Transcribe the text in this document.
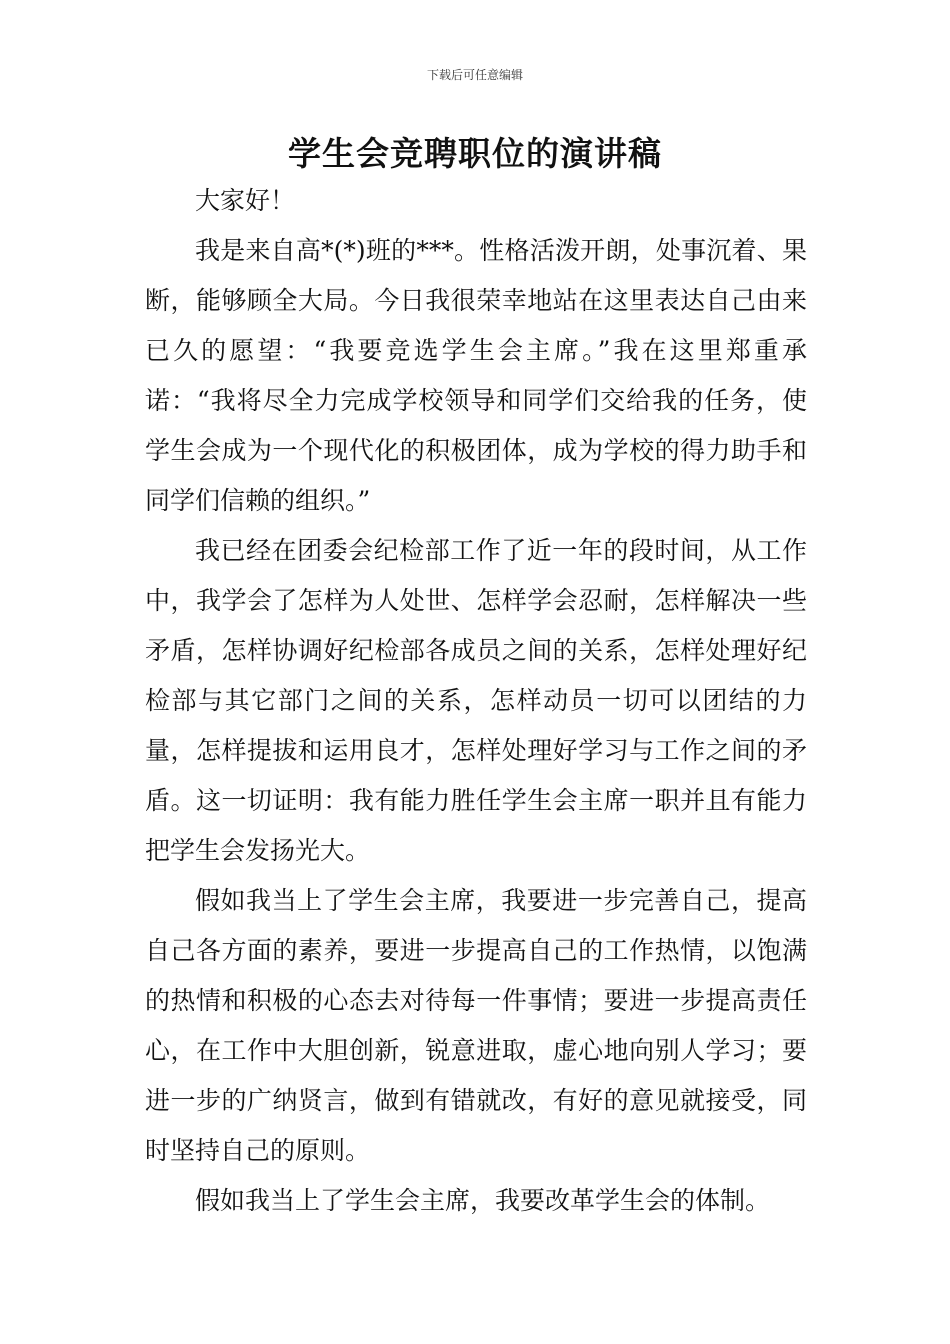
下载后可任意编辑
学生会竞聘职位的演讲稿

大家好！

我是来自高*(*)班的***。性格活泼开朗，处事沉着、果断，能够顾全大局。今日我很荣幸地站在这里表达自己由来已久的愿望：“我要竞选学生会主席。”我在这里郑重承诺：“我将尽全力完成学校领导和同学们交给我的任务，使学生会成为一个现代化的积极团体，成为学校的得力助手和同学们信赖的组织。”

我已经在团委会纪检部工作了近一年的段时间，从工作中，我学会了怎样为人处世、怎样学会忍耐，怎样解决一些矛盾，怎样协调好纪检部各成员之间的关系，怎样处理好纪检部与其它部门之间的关系，怎样动员一切可以团结的力量，怎样提拔和运用良才，怎样处理好学习与工作之间的矛盾。这一切证明：我有能力胜任学生会主席一职并且有能力把学生会发扬光大。

假如我当上了学生会主席，我要进一步完善自己，提高自己各方面的素养，要进一步提高自己的工作热情，以饱满的热情和积极的心态去对待每一件事情；要进一步提高责任心，在工作中大胆创新，锐意进取，虚心地向别人学习；要进一步的广纳贤言，做到有错就改，有好的意见就接受，同时坚持自己的原则。

假如我当上了学生会主席，我要改革学生会的体制。
